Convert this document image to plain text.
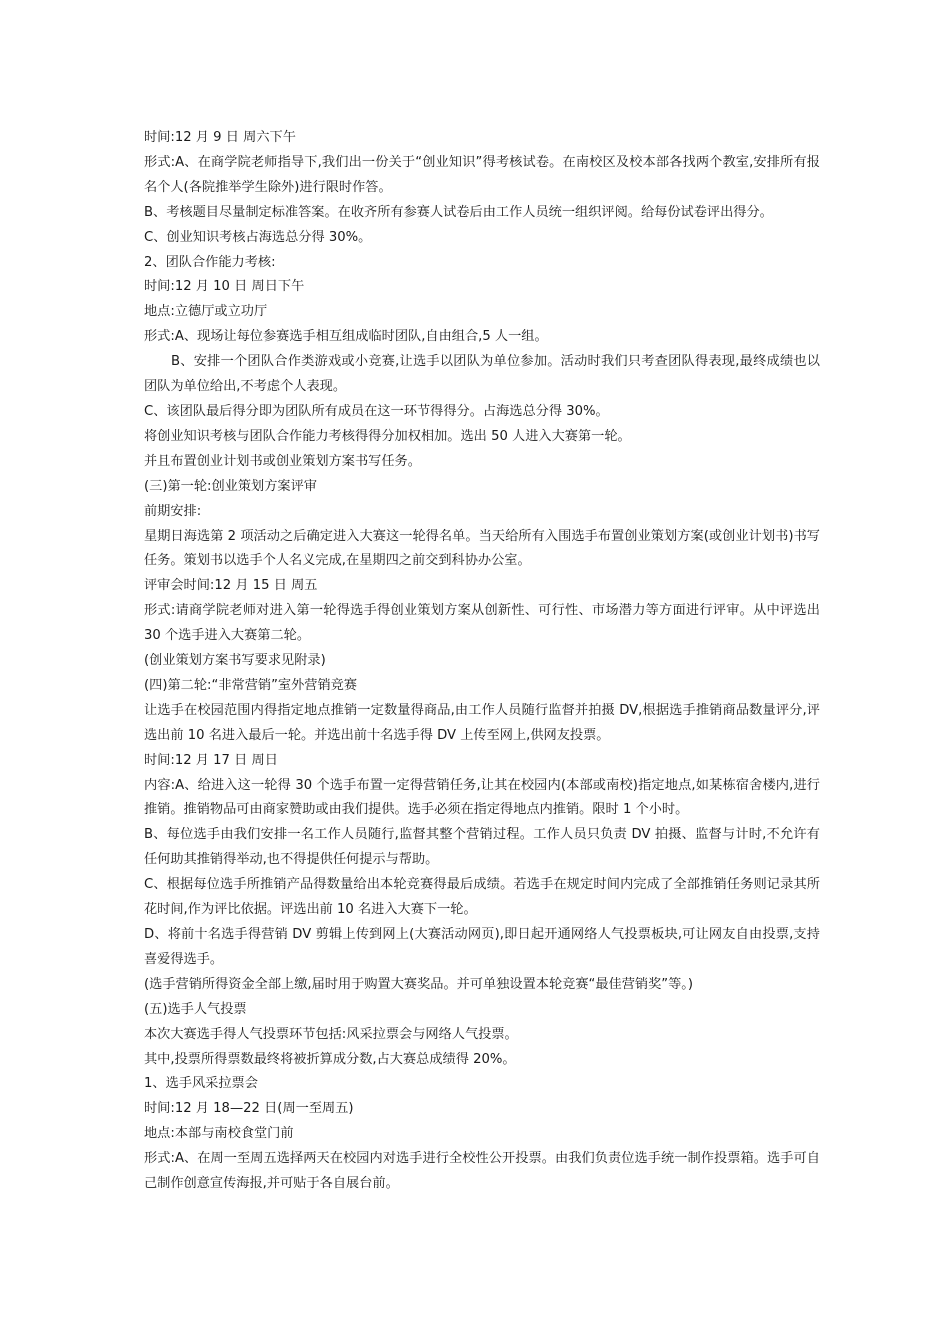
时间:12 月 9 日 周六下午

形式:A、在商学院老师指导下,我们出一份关于“创业知识”得考核试卷。在南校区及校本部各找两个教室,安排所有报名个人(各院推举学生除外)进行限时作答。

B、考核题目尽量制定标准答案。在收齐所有参赛人试卷后由工作人员统一组织评阅。给每份试卷评出得分。

C、创业知识考核占海选总分得 30%。

2、团队合作能力考核:

时间:12 月 10 日 周日下午

地点:立德厅或立功厅

形式:A、现场让每位参赛选手相互组成临时团队,自由组合,5 人一组。

B、安排一个团队合作类游戏或小竞赛,让选手以团队为单位参加。活动时我们只考查团队得表现,最终成绩也以团队为单位给出,不考虑个人表现。

C、该团队最后得分即为团队所有成员在这一环节得得分。占海选总分得 30%。

将创业知识考核与团队合作能力考核得得分加权相加。选出 50 人进入大赛第一轮。

并且布置创业计划书或创业策划方案书写任务。

(三)第一轮:创业策划方案评审

前期安排:

星期日海选第 2 项活动之后确定进入大赛这一轮得名单。当天给所有入围选手布置创业策划方案(或创业计划书)书写任务。策划书以选手个人名义完成,在星期四之前交到科协办公室。

评审会时间:12 月 15 日 周五

形式:请商学院老师对进入第一轮得选手得创业策划方案从创新性、可行性、市场潜力等方面进行评审。从中评选出 30 个选手进入大赛第二轮。

(创业策划方案书写要求见附录)

(四)第二轮:“非常营销”室外营销竞赛

让选手在校园范围内得指定地点推销一定数量得商品,由工作人员随行监督并拍摄 DV,根据选手推销商品数量评分,评选出前 10 名进入最后一轮。并选出前十名选手得 DV 上传至网上,供网友投票。

时间:12 月 17 日 周日

内容:A、给进入这一轮得 30 个选手布置一定得营销任务,让其在校园内(本部或南校)指定地点,如某栋宿舍楼内,进行推销。推销物品可由商家赞助或由我们提供。选手必须在指定得地点内推销。限时 1 个小时。

B、每位选手由我们安排一名工作人员随行,监督其整个营销过程。工作人员只负责 DV 拍摄、监督与计时,不允许有任何助其推销得举动,也不得提供任何提示与帮助。

C、根据每位选手所推销产品得数量给出本轮竞赛得最后成绩。若选手在规定时间内完成了全部推销任务则记录其所花时间,作为评比依据。评选出前 10 名进入大赛下一轮。

D、将前十名选手得营销 DV 剪辑上传到网上(大赛活动网页),即日起开通网络人气投票板块,可让网友自由投票,支持喜爱得选手。

(选手营销所得资金全部上缴,届时用于购置大赛奖品。并可单独设置本轮竞赛“最佳营销奖”等。)

(五)选手人气投票

本次大赛选手得人气投票环节包括:风采拉票会与网络人气投票。

其中,投票所得票数最终将被折算成分数,占大赛总成绩得 20%。

1、选手风采拉票会

时间:12 月 18—22 日(周一至周五)

地点:本部与南校食堂门前

形式:A、在周一至周五选择两天在校园内对选手进行全校性公开投票。由我们负责位选手统一制作投票箱。选手可自己制作创意宣传海报,并可贴于各自展台前。
